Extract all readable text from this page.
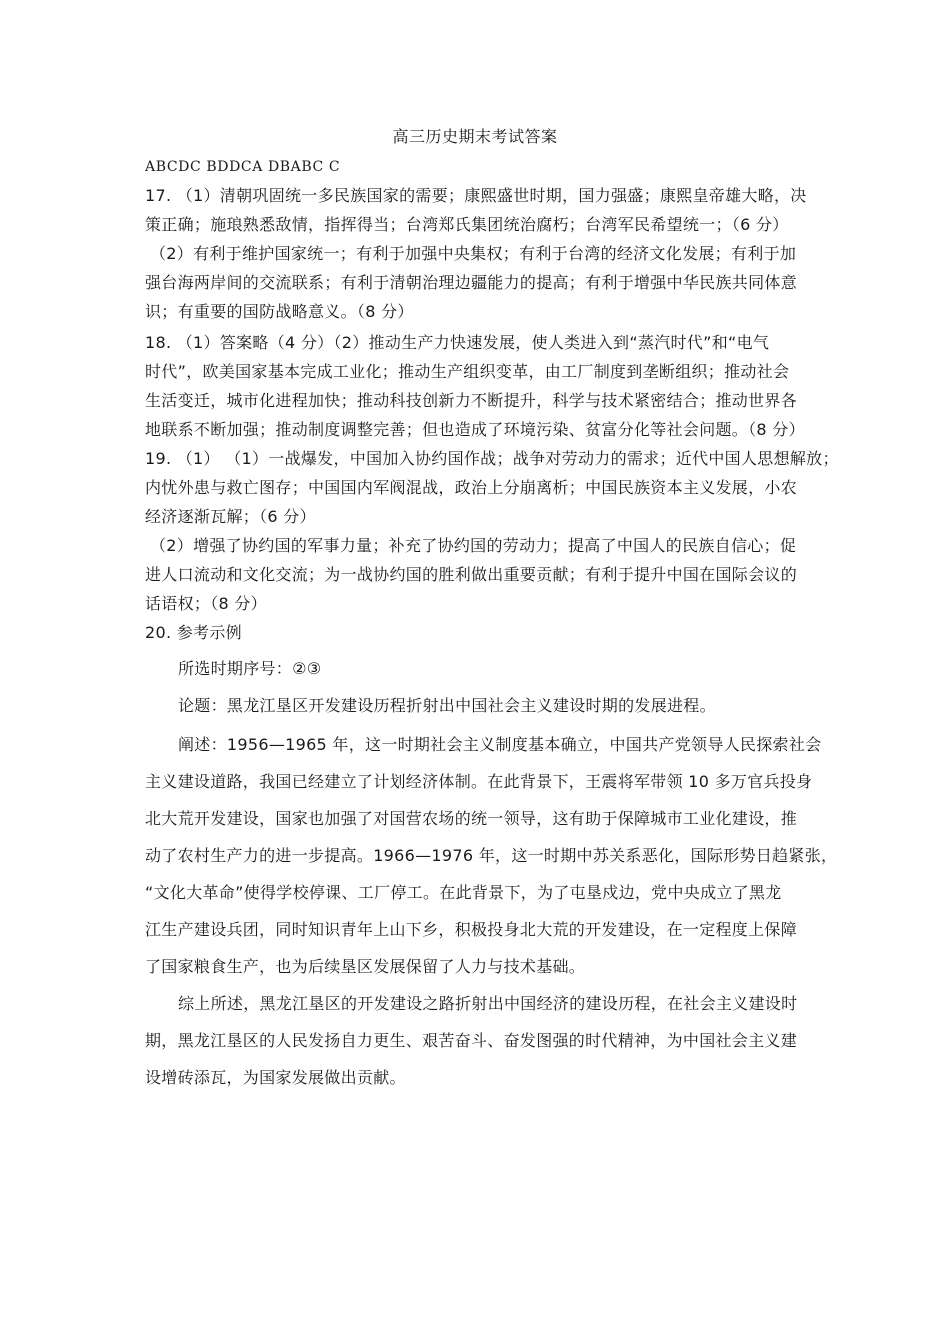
高三历史期末考试答案
ABCDC BDDCA DBABC C
17. （1）清朝巩固统一多民族国家的需要；康熙盛世时期，国力强盛；康熙皇帝雄大略，决
策正确；施琅熟悉敌情，指挥得当；台湾郑氏集团统治腐朽；台湾军民希望统一；（6 分）
（2）有利于维护国家统一；有利于加强中央集权；有利于台湾的经济文化发展；有利于加
强台海两岸间的交流联系；有利于清朝治理边疆能力的提高；有利于增强中华民族共同体意
识；有重要的国防战略意义。（8 分）
18. （1）答案略（4 分）（2）推动生产力快速发展，使人类进入到“蒸汽时代”和“电气
时代”，欧美国家基本完成工业化；推动生产组织变革，由工厂制度到垄断组织；推动社会
生活变迁，城市化进程加快；推动科技创新力不断提升，科学与技术紧密结合；推动世界各
地联系不断加强；推动制度调整完善；但也造成了环境污染、贫富分化等社会问题。（8 分）
19. （1） （1）一战爆发，中国加入协约国作战；战争对劳动力的需求；近代中国人思想解放；
内忧外患与救亡图存；中国国内军阀混战，政治上分崩离析；中国民族资本主义发展，小农
经济逐渐瓦解；（6 分）
（2）增强了协约国的军事力量；补充了协约国的劳动力；提高了中国人的民族自信心；促
进人口流动和文化交流；为一战协约国的胜利做出重要贡献；有利于提升中国在国际会议的
话语权；（8 分）
20. 参考示例
所选时期序号：②③
论题：黑龙江垦区开发建设历程折射出中国社会主义建设时期的发展进程。
阐述：1956—1965 年，这一时期社会主义制度基本确立，中国共产党领导人民探索社会
主义建设道路，我国已经建立了计划经济体制。在此背景下，王震将军带领 10 多万官兵投身
北大荒开发建设，国家也加强了对国营农场的统一领导，这有助于保障城市工业化建设，推
动了农村生产力的进一步提高。1966—1976 年，这一时期中苏关系恶化，国际形势日趋紧张，
“文化大革命”使得学校停课、工厂停工。在此背景下，为了屯垦戍边，党中央成立了黑龙
江生产建设兵团，同时知识青年上山下乡，积极投身北大荒的开发建设，在一定程度上保障
了国家粮食生产，也为后续垦区发展保留了人力与技术基础。
综上所述，黑龙江垦区的开发建设之路折射出中国经济的建设历程，在社会主义建设时
期，黑龙江垦区的人民发扬自力更生、艰苦奋斗、奋发图强的时代精神，为中国社会主义建
设增砖添瓦，为国家发展做出贡献。
